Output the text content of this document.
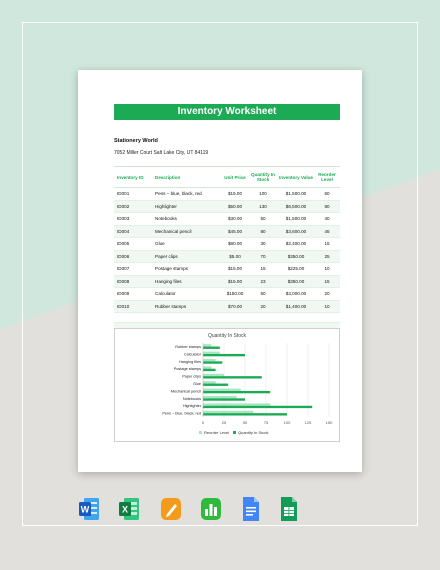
Inventory Worksheet
Stationery World
7052 Miller Court Salt Lake City, UT 84119
Inventory ID	Description	Unit Price	Quantity In Stock	Inventory Value	Reorder Level
ID001	Pens – blue, black, red	$15.00	100	$1,500.00	60
ID002	Highlighter	$50.00	130	$6,500.00	80
ID003	Notebooks	$30.00	50	$1,500.00	40
ID004	Mechanical pencil	$45.00	80	$3,600.00	45
ID005	Glue	$80.00	30	$2,400.00	15
ID006	Paper clips	$5.00	70	$350.00	25
ID007	Postage stamps	$15.00	15	$225.00	10
ID008	Hanging files	$15.00	23	$350.00	15
ID009	Calculator	$150.00	50	$3,000.00	20
ID010	Rubber stamps	$70.00	20	$1,400.00	10

Quantity In Stock
0	25	50	75	100	125	150
Rubber stamps
Calculator
Hanging files
Postage stamps
Paper clips
Glue
Mechanical pencil
Notebooks
Highlighter
Pens – blue, black, red
Reorder Level Quantity In Stock
W	X
